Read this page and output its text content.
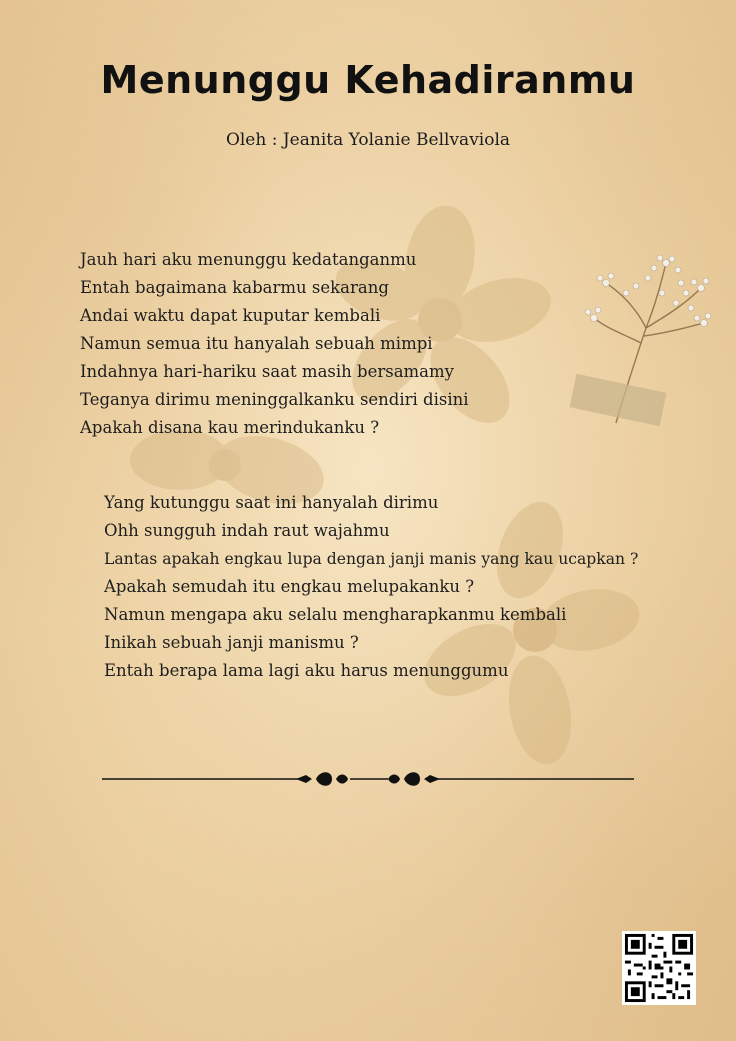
Menunggu Kehadiranmu
Oleh : Jeanita Yolanie Bellvaviola
Jauh hari aku menunggu kedatanganmu
Entah bagaimana kabarmu sekarang
Andai waktu dapat kuputar kembali
Namun semua itu hanyalah sebuah mimpi
Indahnya hari-hariku saat masih bersamamy
Teganya dirimu meninggalkanku sendiri disini
Apakah disana kau merindukanku ?
Yang kutunggu saat ini hanyalah dirimu
Ohh sungguh indah raut wajahmu
Lantas apakah engkau lupa dengan janji manis yang kau ucapkan ?
Apakah semudah itu engkau melupakanku ?
Namun mengapa aku selalu mengharapkanmu kembali
Inikah sebuah janji manismu ?
Entah berapa lama lagi aku harus menunggumu
